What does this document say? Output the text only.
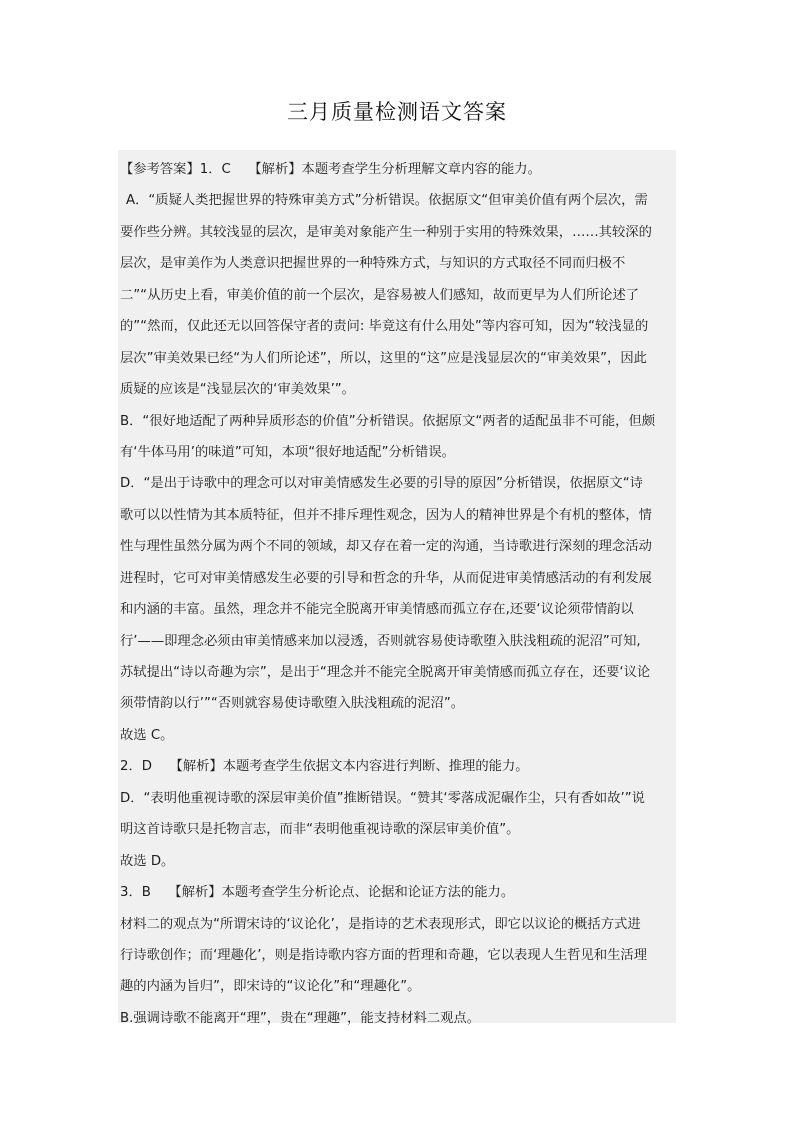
三月质量检测语文答案
【参考答案】1．C　 【解析】本题考查学生分析理解文章内容的能力。
A．“质疑人类把握世界的特殊审美方式”分析错误。依据原文“但审美价值有两个层次，需
要作些分辨。其较浅显的层次，是审美对象能产生一种别于实用的特殊效果，……其较深的
层次，是审美作为人类意识把握世界的一种特殊方式，与知识的方式取径不同而归极不
二”“从历史上看，审美价值的前一个层次，是容易被人们感知，故而更早为人们所论述了
的”“然而，仅此还无以回答保守者的责问: 毕竟这有什么用处”等内容可知，因为“较浅显的
层次”审美效果已经“为人们所论述”，所以，这里的“这”应是浅显层次的“审美效果”，因此
质疑的应该是“浅显层次的‘审美效果’”。
B．“很好地适配了两种异质形态的价值”分析错误。依据原文“两者的适配虽非不可能，但颇
有‘牛体马用’的味道”可知，本项“很好地适配”分析错误。
D．“是出于诗歌中的理念可以对审美情感发生必要的引导的原因”分析错误，依据原文“诗
歌可以以性情为其本质特征，但并不排斥理性观念，因为人的精神世界是个有机的整体，情
性与理性虽然分属为两个不同的领域，却又存在着一定的沟通，当诗歌进行深刻的理念活动
进程时，它可对审美情感发生必要的引导和哲念的升华，从而促进审美情感活动的有利发展
和内涵的丰富。虽然，理念并不能完全脱离开审美情感而孤立存在,还要‘议论须带情韵以
行’——即理念必须由审美情感来加以浸透，否则就容易使诗歌堕入肤浅粗疏的泥沼”可知,
苏轼提出“诗以奇趣为宗”，是出于“理念并不能完全脱离开审美情感而孤立存在，还要‘议论
须带情韵以行’”“否则就容易使诗歌堕入肤浅粗疏的泥沼”。
故选 C。
2．D　 【解析】本题考查学生依据文本内容进行判断、推理的能力。
D．“表明他重视诗歌的深层审美价值”推断错误。“赞其‘零落成泥碾作尘，只有香如故’”说
明这首诗歌只是托物言志，而非“表明他重视诗歌的深层审美价值”。
故选 D。
3．B　 【解析】本题考查学生分析论点、论据和论证方法的能力。
材料二的观点为“所谓宋诗的‘议论化’，是指诗的艺术表现形式，即它以议论的概括方式进
行诗歌创作；而‘理趣化’，则是指诗歌内容方面的哲理和奇趣，它以表现人生哲见和生活理
趣的内涵为旨归”，即宋诗的“议论化”和“理趣化”。
B.强调诗歌不能离开“理”，贵在“理趣”，能支持材料二观点。
